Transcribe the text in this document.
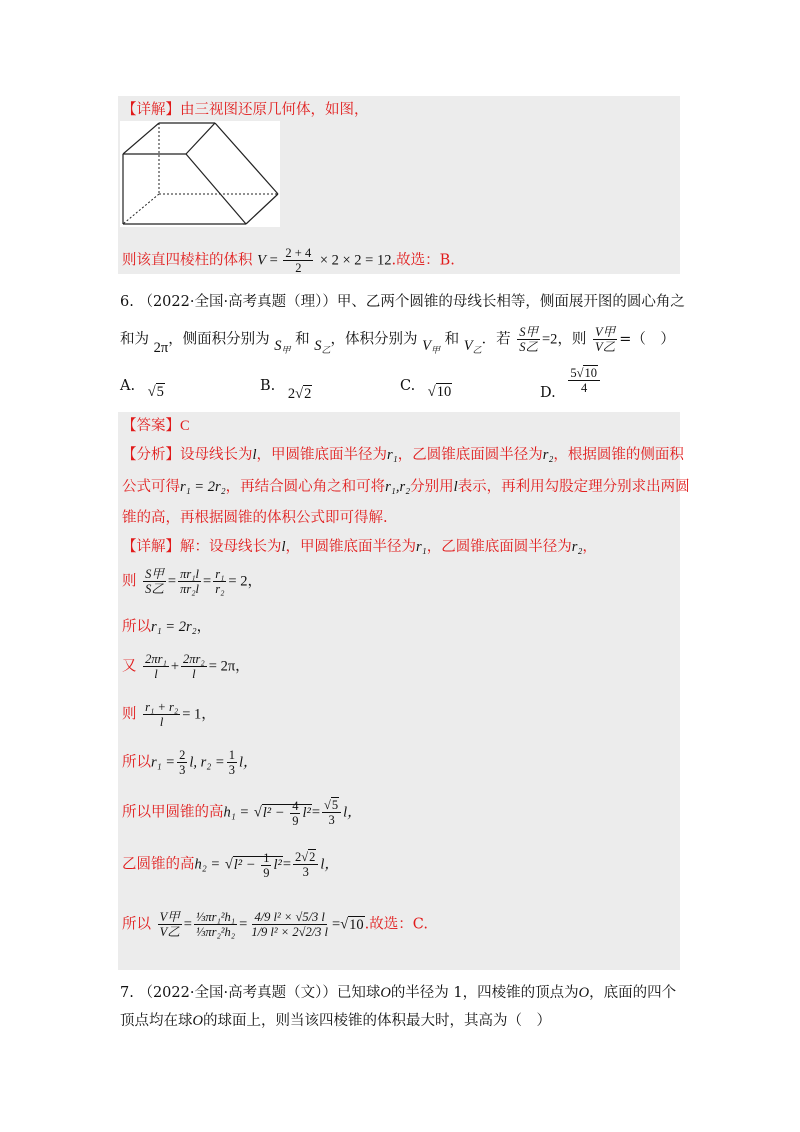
【详解】由三视图还原几何体，如图，
则该直四棱柱的体积 $V = \frac{2 + 4}{2} \times 2 \times 2 = 12$.故选：B.
6. （2022·全国·高考真题（理））甲、乙两个圆锥的母线长相等，侧面展开图的圆心角之
和为 2π，侧面积分别为 $S_甲$ 和 $S_乙$，体积分别为 $V_甲$ 和 $V_乙$．若 $\frac{\text{S甲}}{\text{S乙}} =2$，则 $\frac{\text{V甲}}{\text{V乙}}$ =（　）
A. √5	B. 2√2	C. √10	D. $\frac{5√10}{4}$
【答案】C
【分析】设母线长为l，甲圆锥底面半径为r₁，乙圆锥底面圆半径为r₂，根据圆锥的侧面积
公式可得r₁ = 2r₂，再结合圆心角之和可将r₁,r₂分别用l表示，再利用勾股定理分别求出两圆
锥的高，再根据圆锥的体积公式即可得解.
【详解】解：设母线长为l，甲圆锥底面半径为r₁，乙圆锥底面圆半径为r₂，
则 $\frac{\text{S甲}}{\text{S乙}} = \frac{\text{πr₁l}}{\text{πr₂l}} = \frac{\text{r₁}}{\text{r₂}} = 2$，
所以r₁ = 2r₂，
又 $\frac{\text{2πr₁}}{l} + \frac{\text{2πr₂}}{l} = 2\pi$，
则 $\frac{\text{r₁ + r₂}}{l} = 1$，
所以$r_1 = \frac{2}{3} l$, $r_2 = \frac{1}{3}$ l，
所以甲圆锥的高$h_1 = √l^2 - \frac{4}{9} l^2= \frac{√5}{3}$ l，
乙圆锥的高$h_2 = √l^2 - \frac{1}{9} l^2= \frac{2√2}{3}$ l，
所以 $\frac{\text{V甲}}{\text{V乙}} = \frac{\text{⅓πr₁²h₁}}{\text{⅓πr₂²h₂}} = \frac{\text{4/9 l² × √5/3 l}}{\text{1/9 l² × 2√2/3 l}} =√10$.故选：C.
7. （2022·全国·高考真题（文））已知球O的半径为 1，四棱锥的顶点为O，底面的四个
顶点均在球O的球面上，则当该四棱锥的体积最大时，其高为（　）
